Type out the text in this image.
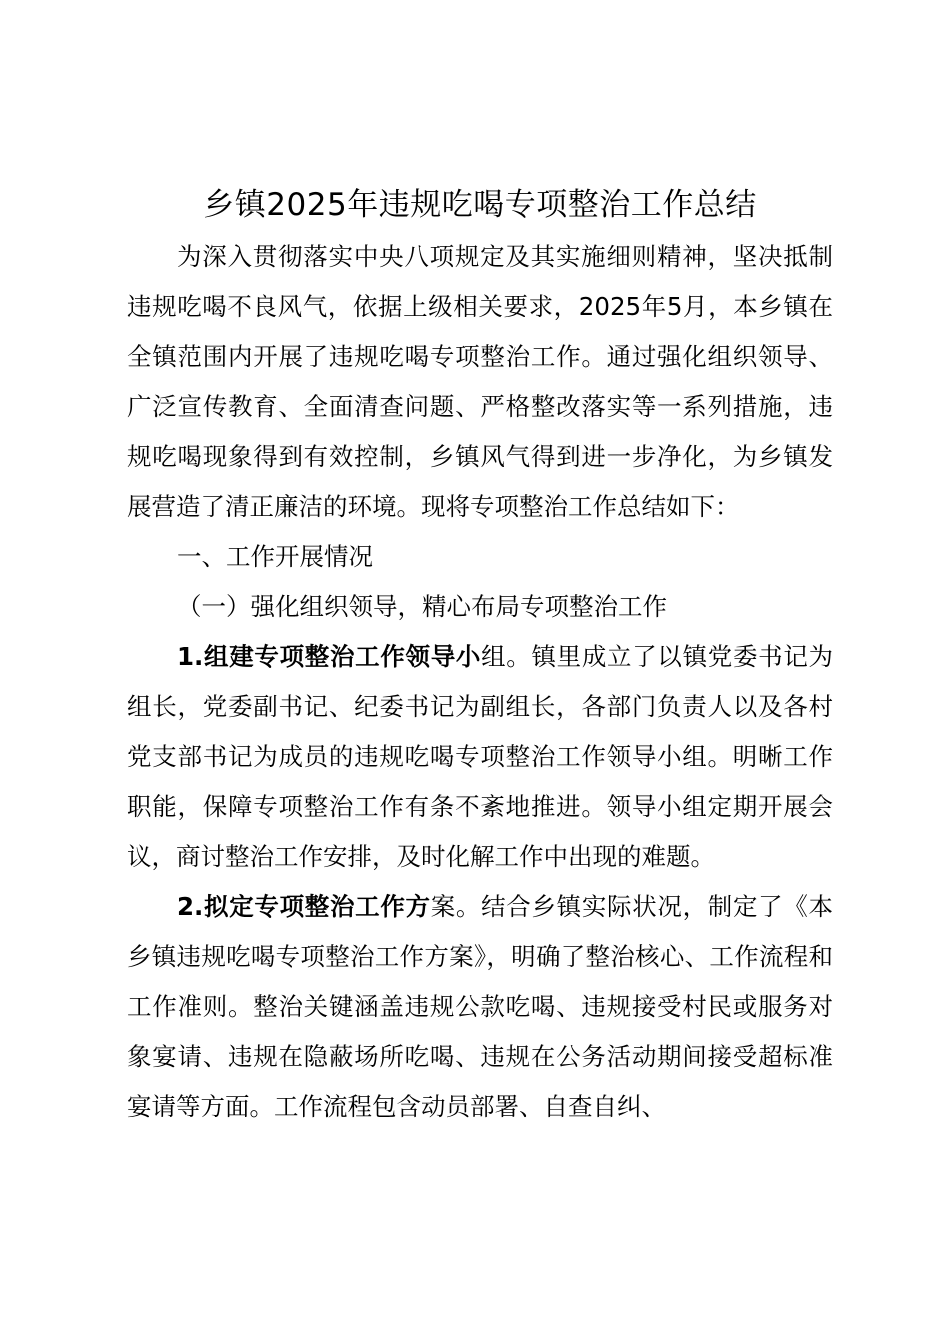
乡镇2025年违规吃喝专项整治工作总结

为深入贯彻落实中央八项规定及其实施细则精神，坚决抵制违规吃喝不良风气，依据上级相关要求，2025年5月，本乡镇在全镇范围内开展了违规吃喝专项整治工作。通过强化组织领导、广泛宣传教育、全面清查问题、严格整改落实等一系列措施，违规吃喝现象得到有效控制，乡镇风气得到进一步净化，为乡镇发展营造了清正廉洁的环境。现将专项整治工作总结如下：

一、工作开展情况

（一）强化组织领导，精心布局专项整治工作

1.组建专项整治工作领导小组。镇里成立了以镇党委书记为组长，党委副书记、纪委书记为副组长，各部门负责人以及各村党支部书记为成员的违规吃喝专项整治工作领导小组。明晰工作职能，保障专项整治工作有条不紊地推进。领导小组定期开展会议，商讨整治工作安排，及时化解工作中出现的难题。

2.拟定专项整治工作方案。结合乡镇实际状况，制定了《本乡镇违规吃喝专项整治工作方案》，明确了整治核心、工作流程和工作准则。整治关键涵盖违规公款吃喝、违规接受村民或服务对象宴请、违规在隐蔽场所吃喝、违规在公务活动期间接受超标准宴请等方面。工作流程包含动员部署、自查自纠、
